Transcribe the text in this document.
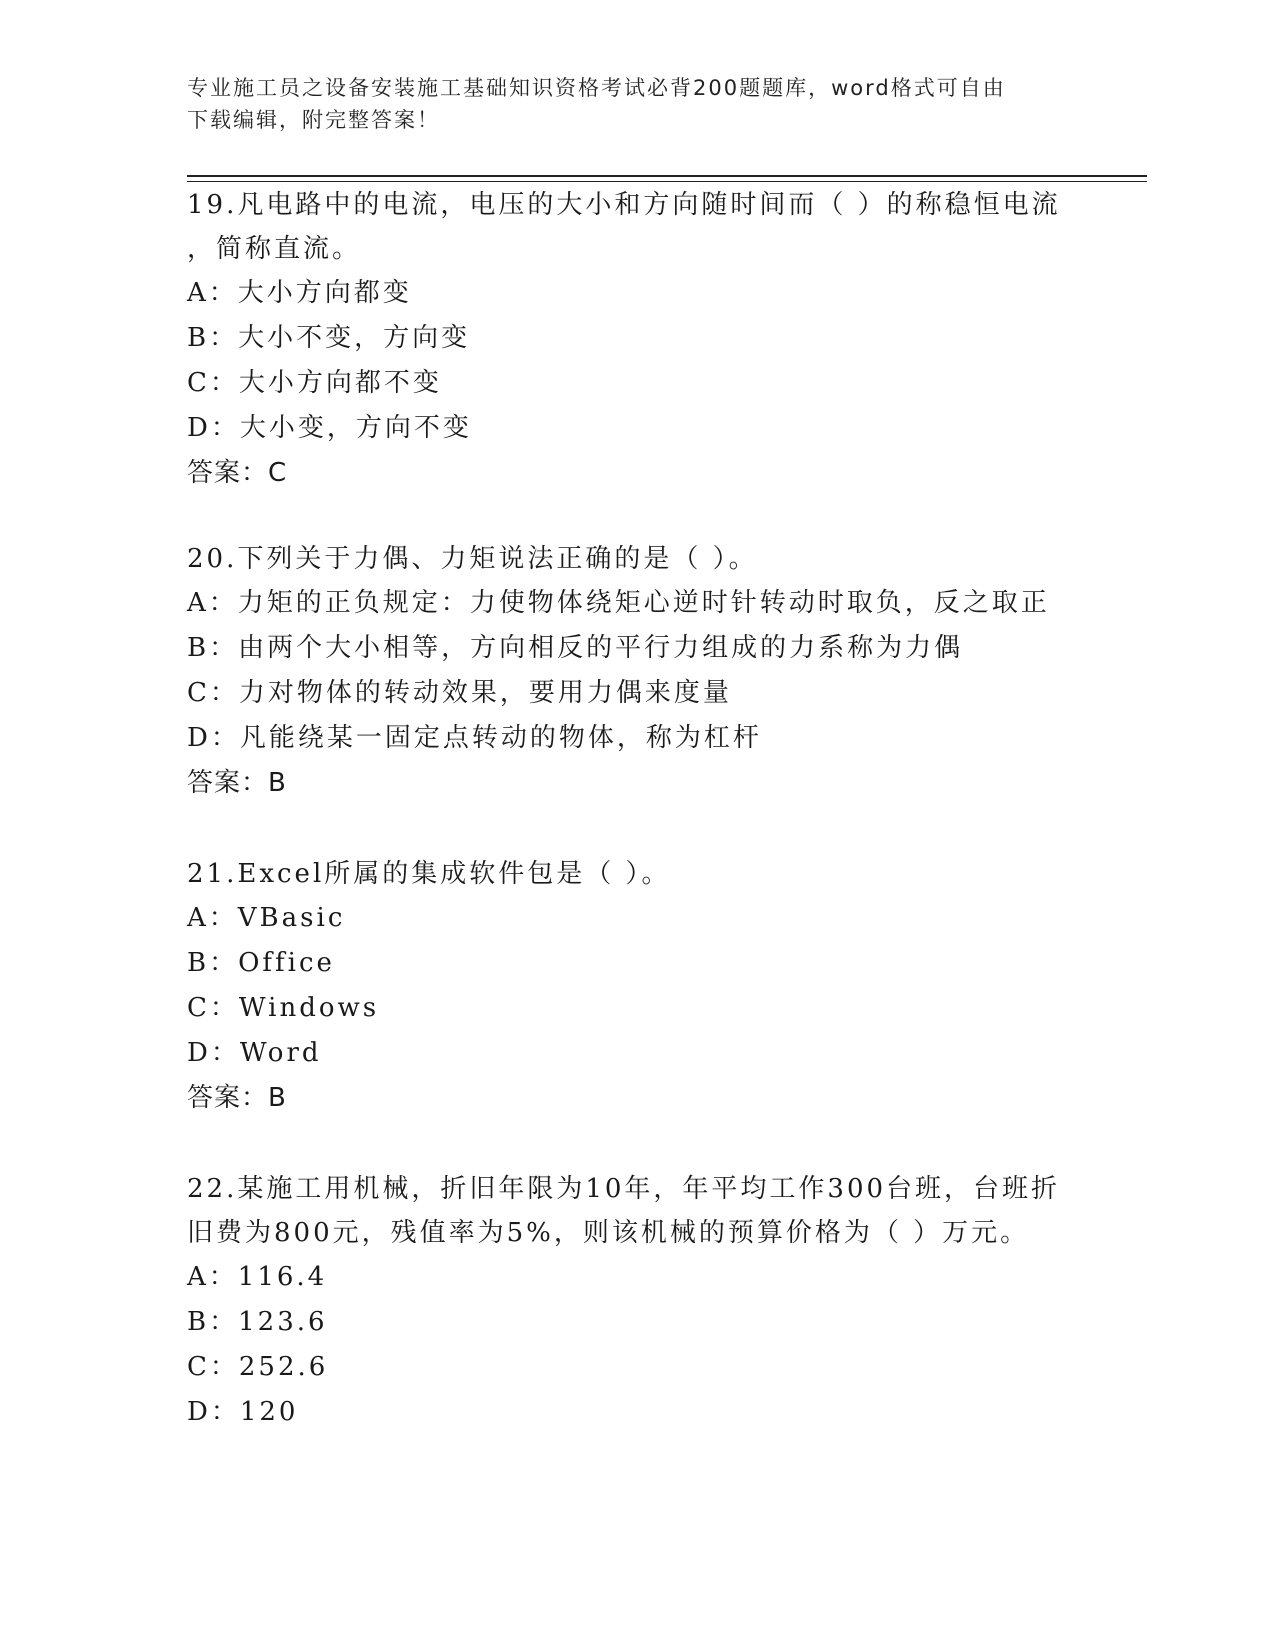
专业施工员之设备安装施工基础知识资格考试必背200题题库，word格式可自由
下载编辑，附完整答案！

19.凡电路中的电流，电压的大小和方向随时间而（ ）的称稳恒电流

，简称直流。

A：大小方向都变

B：大小不变，方向变

C：大小方向都不变

D：大小变，方向不变

答案：C

20.下列关于力偶、力矩说法正确的是（ ）。

A：力矩的正负规定：力使物体绕矩心逆时针转动时取负，反之取正

B：由两个大小相等，方向相反的平行力组成的力系称为力偶

C：力对物体的转动效果，要用力偶来度量

D：凡能绕某一固定点转动的物体，称为杠杆

答案：B

21.Excel所属的集成软件包是（ ）。

A：VBasic

B：Office

C：Windows

D：Word

答案：B

22.某施工用机械，折旧年限为10年，年平均工作300台班，台班折

旧费为800元，残值率为5%，则该机械的预算价格为（ ）万元。

A：116.4

B：123.6

C：252.6

D：120
